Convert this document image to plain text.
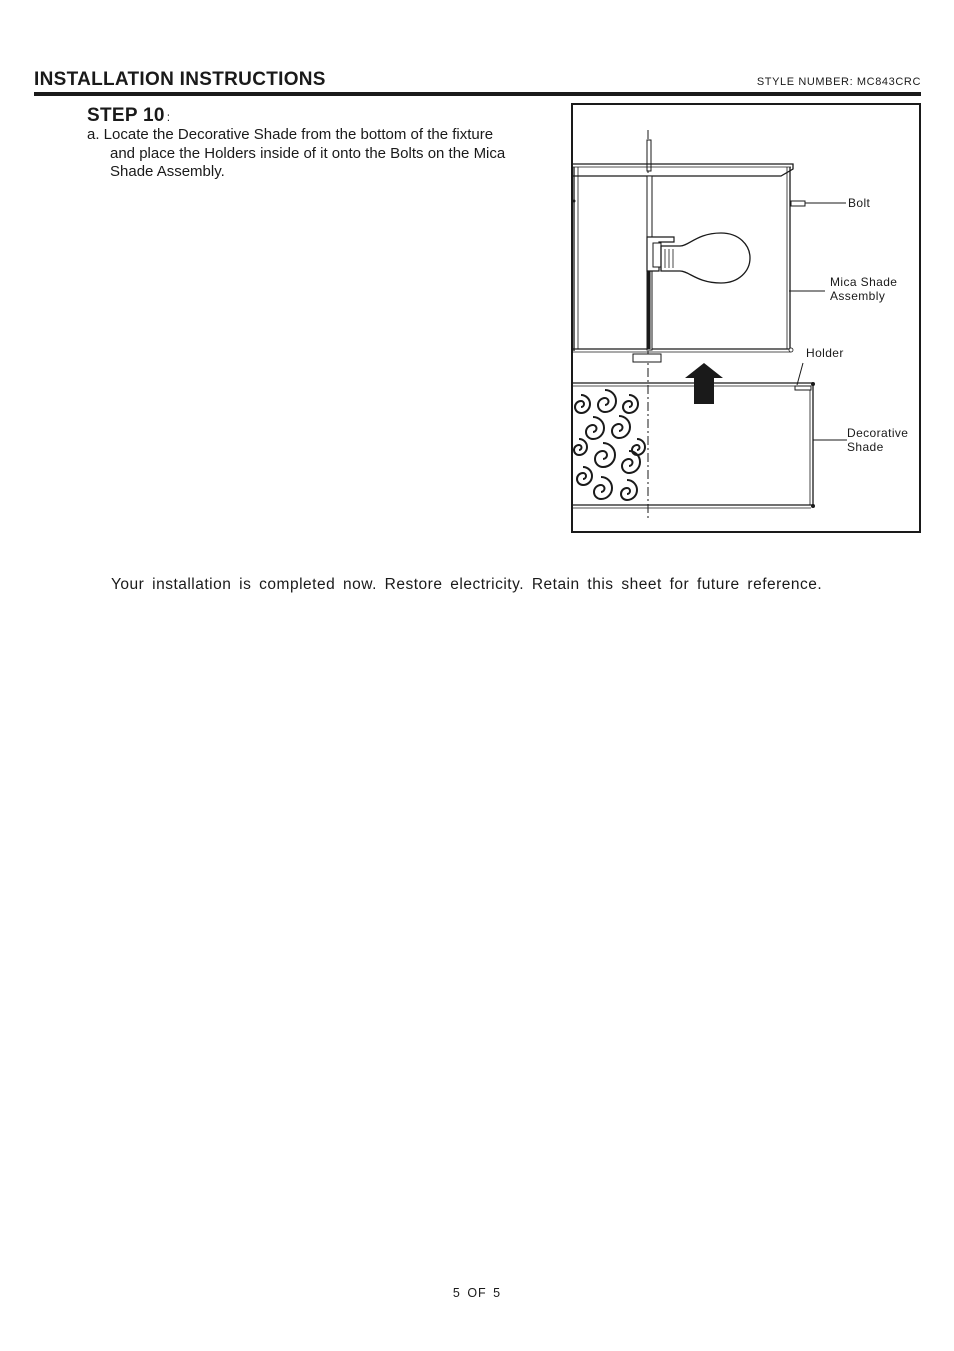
INSTALLATION INSTRUCTIONS	STYLE NUMBER: MC843CRC
STEP 10 :
a. Locate the Decorative Shade from the bottom of the fixture
and place the Holders inside of it onto the Bolts on the Mica
Shade Assembly.
Bolt
Mica Shade
Assembly
Holder
Decorative
Shade
Your installation is completed now. Restore electricity. Retain this sheet for future reference.
5 OF 5
